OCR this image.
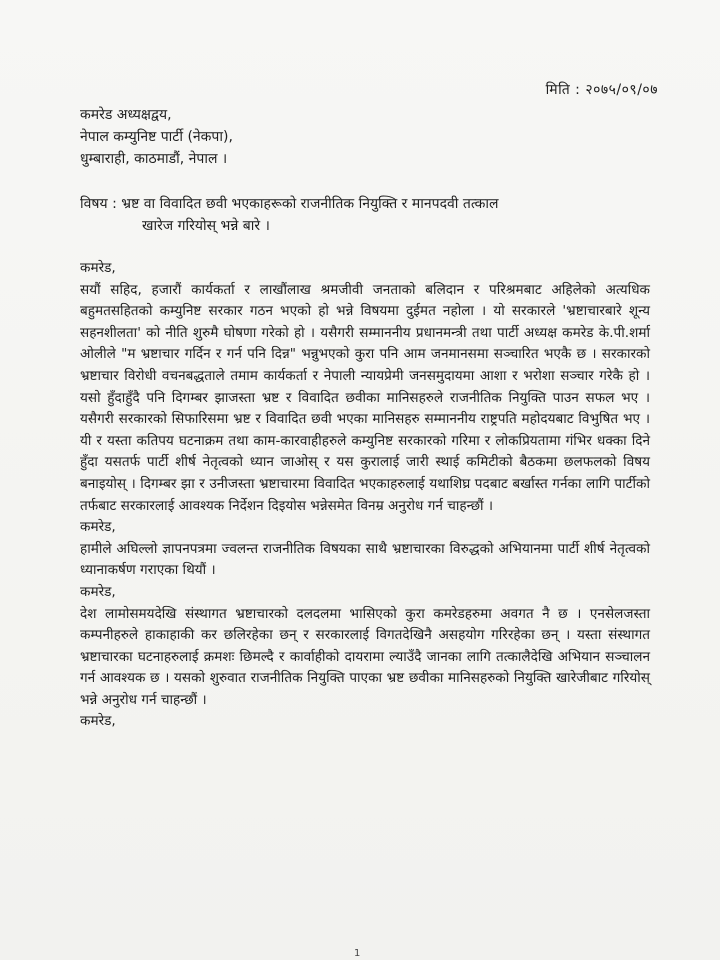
मिति : २०७५/०९/०७
कमरेड अध्यक्षद्वय,
नेपाल कम्युनिष्ट पार्टी (नेकपा),
धुम्बाराही, काठमाडौं, नेपाल ।
विषय : भ्रष्ट वा विवादित छवी भएकाहरूको राजनीतिक नियुक्ति र मानपदवी तत्काल
खारेज गरियोस् भन्ने बारे ।

कमरेड,

सयौं सहिद, हजारौं कार्यकर्ता र लाखौंलाख श्रमजीवी जनताको बलिदान र परिश्रमबाट अहिलेको अत्यधिक बहुमतसहितको कम्युनिष्ट सरकार गठन भएको हो भन्ने विषयमा दुईमत नहोला । यो सरकारले 'भ्रष्टाचारबारे शून्य सहनशीलता' को नीति शुरुमै घोषणा गरेको हो । यसैगरी सम्माननीय प्रधानमन्त्री तथा पार्टी अध्यक्ष कमरेड के.पी.शर्मा ओलीले "म भ्रष्टाचार गर्दिन र गर्न पनि दिन्न" भन्नुभएको कुरा पनि आम जनमानसमा सञ्चारित भएकै छ । सरकारको भ्रष्टाचार विरोधी वचनबद्धताले तमाम कार्यकर्ता र नेपाली न्यायप्रेमी जनसमुदायमा आशा र भरोशा सञ्चार गरेकै हो । यसो हुँदाहुँदै पनि दिगम्बर झाजस्ता भ्रष्ट र विवादित छवीका मानिसहरुले राजनीतिक नियुक्ति पाउन सफल भए । यसैगरी सरकारको सिफारिसमा भ्रष्ट र विवादित छवी भएका मानिसहरु सम्माननीय राष्ट्रपति महोदयबाट विभुषित भए । यी र यस्ता कतिपय घटनाक्रम तथा काम-कारवाहीहरुले कम्युनिष्ट सरकारको गरिमा र लोकप्रियतामा गंभिर धक्का दिने हुँदा यसतर्फ पार्टी शीर्ष नेतृत्वको ध्यान जाओस् र यस कुरालाई जारी स्थाई कमिटीको बैठकमा छलफलको विषय बनाइयोस् । दिगम्बर झा र उनीजस्ता भ्रष्टाचारमा विवादित भएकाहरुलाई यथाशिघ्र पदबाट बर्खास्त गर्नका लागि पार्टीको तर्फबाट सरकारलाई आवश्यक निर्देशन दिइयोस भन्नेसमेत विनम्र अनुरोध गर्न चाहन्छौं ।

कमरेड,

हामीले अघिल्लो ज्ञापनपत्रमा ज्वलन्त राजनीतिक विषयका साथै भ्रष्टाचारका विरुद्धको अभियानमा पार्टी शीर्ष नेतृत्वको ध्यानाकर्षण गराएका थियौं ।

कमरेड,

देश लामोसमयदेखि संस्थागत भ्रष्टाचारको दलदलमा भासिएको कुरा कमरेडहरुमा अवगत नै छ । एनसेलजस्ता कम्पनीहरुले हाकाहाकी कर छलिरहेका छन् र सरकारलाई विगतदेखिनै असहयोग गरिरहेका छन् । यस्ता संस्थागत भ्रष्टाचारका घटनाहरुलाई क्रमशः छिमल्दै र कार्वाहीको दायरामा ल्याउँदै जानका लागि तत्कालैदेखि अभियान सञ्चालन गर्न आवश्यक छ । यसको शुरुवात राजनीतिक नियुक्ति पाएका भ्रष्ट छवीका मानिसहरुको नियुक्ति खारेजीबाट गरियोस् भन्ने अनुरोध गर्न चाहन्छौं ।

कमरेड,

1
